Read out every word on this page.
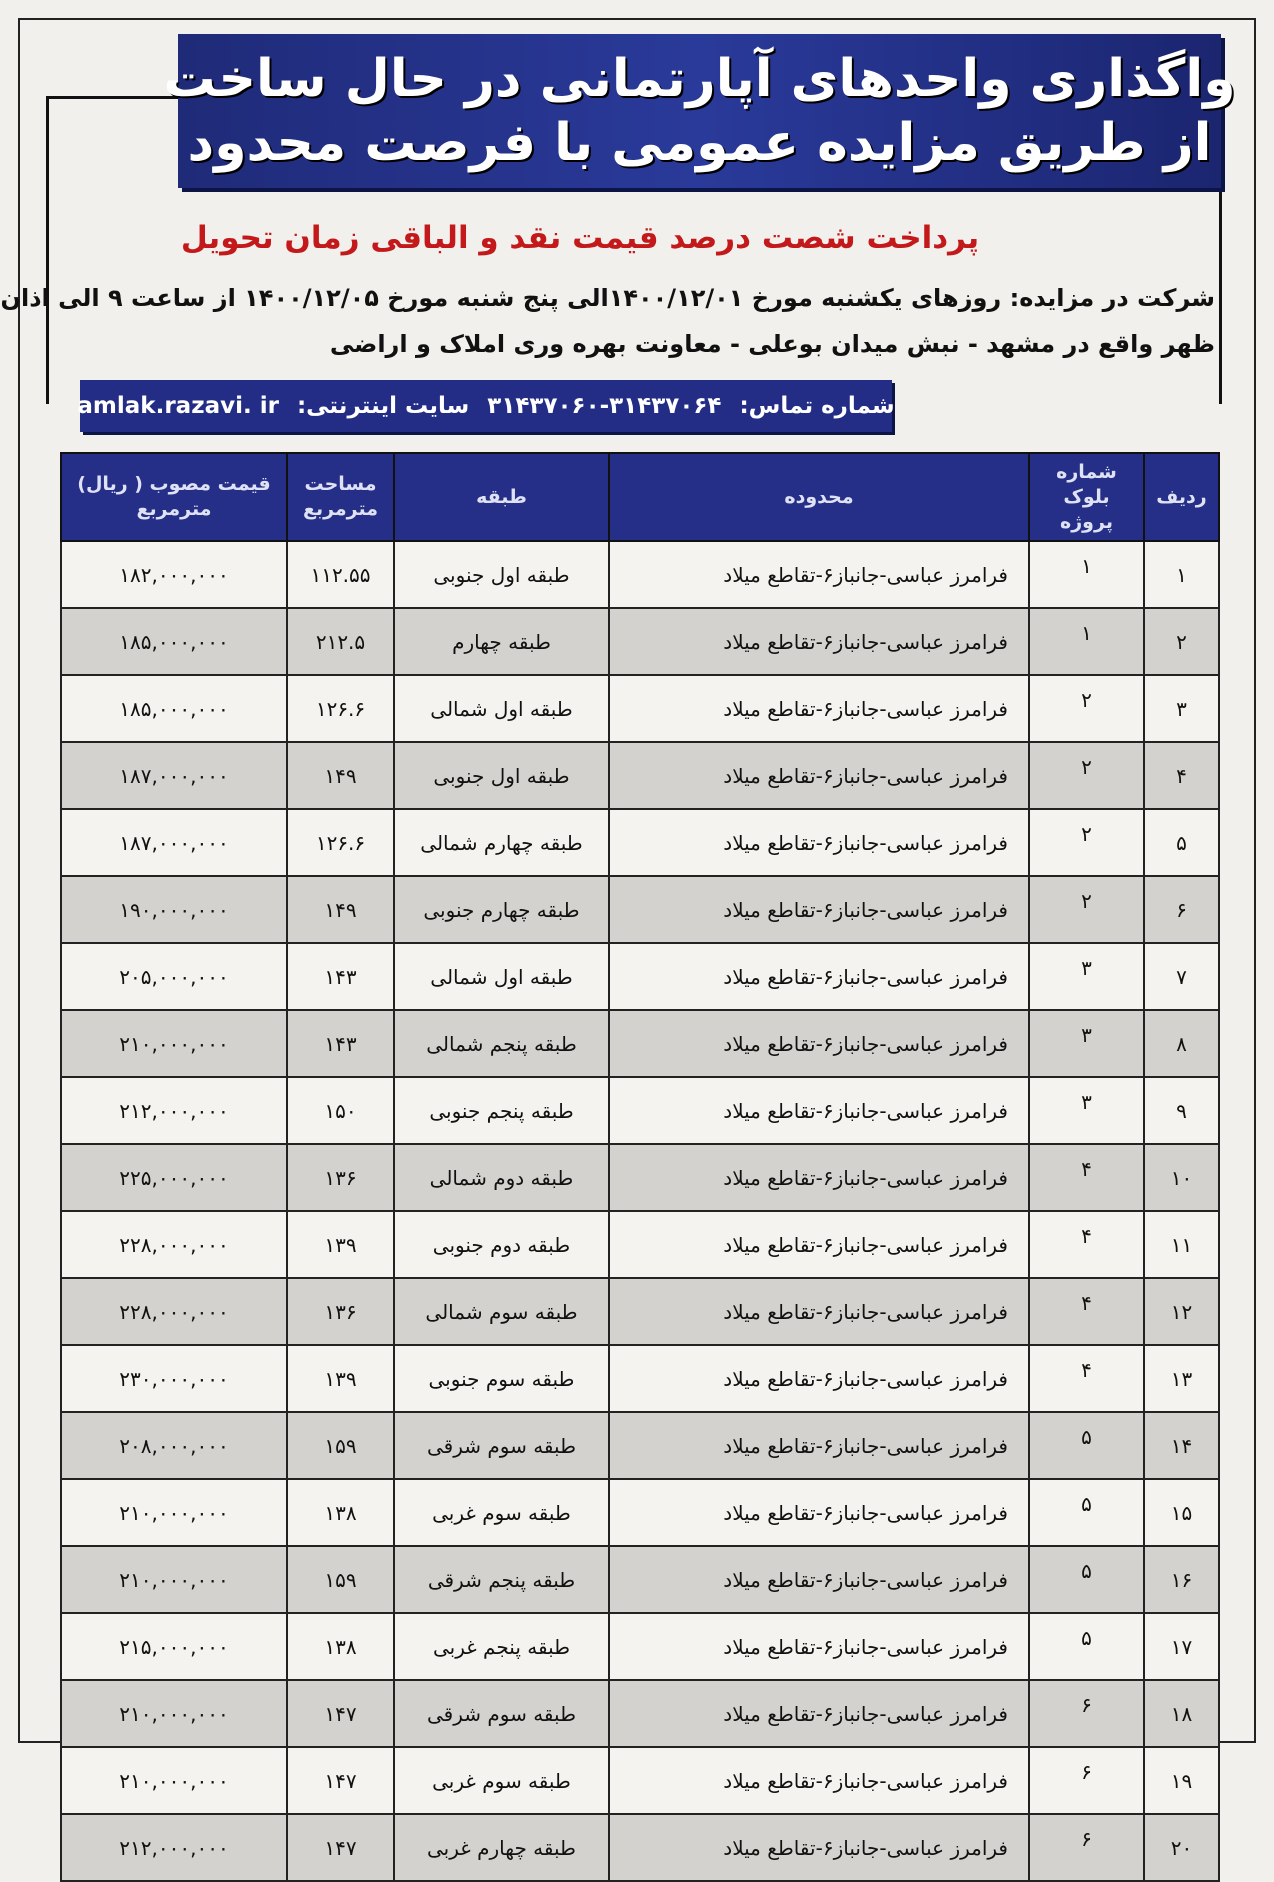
واگذاری واحدهای آپارتمانی در حال ساخت
از طریق مزایده عمومی با فرصت محدود
پرداخت شصت درصد قیمت نقد و الباقی زمان تحویل
شرکت در مزایده: روزهای یکشنبه مورخ ۱۴۰۰/۱۲/۰۱الی پنج شنبه مورخ ۱۴۰۰/۱۲/۰۵ از ساعت ۹ الی اذان
ظهر واقع در مشهد - نبش میدان بوعلی - معاونت بهره وری املاک و اراضی
شماره تماس:
۳۱۴۳۷۰۶۰-۳۱۴۳۷۰۶۴
سایت اینترنتی:
amlak.razavi. ir
ردیف	شماره بلوک پروژه	محدوده	طبقه	مساحت مترمربع	قیمت مصوب ( ریال) مترمربع
۱	۱	فرامرز عباسی-جانباز۶-تقاطع میلاد	طبقه اول جنوبی	۱۱۲.۵۵	۱۸۲,۰۰۰,۰۰۰
۲	۱	فرامرز عباسی-جانباز۶-تقاطع میلاد	طبقه چهارم	۲۱۲.۵	۱۸۵,۰۰۰,۰۰۰
۳	۲	فرامرز عباسی-جانباز۶-تقاطع میلاد	طبقه اول شمالی	۱۲۶.۶	۱۸۵,۰۰۰,۰۰۰
۴	۲	فرامرز عباسی-جانباز۶-تقاطع میلاد	طبقه اول جنوبی	۱۴۹	۱۸۷,۰۰۰,۰۰۰
۵	۲	فرامرز عباسی-جانباز۶-تقاطع میلاد	طبقه چهارم شمالی	۱۲۶.۶	۱۸۷,۰۰۰,۰۰۰
۶	۲	فرامرز عباسی-جانباز۶-تقاطع میلاد	طبقه چهارم جنوبی	۱۴۹	۱۹۰,۰۰۰,۰۰۰
۷	۳	فرامرز عباسی-جانباز۶-تقاطع میلاد	طبقه اول شمالی	۱۴۳	۲۰۵,۰۰۰,۰۰۰
۸	۳	فرامرز عباسی-جانباز۶-تقاطع میلاد	طبقه پنجم شمالی	۱۴۳	۲۱۰,۰۰۰,۰۰۰
۹	۳	فرامرز عباسی-جانباز۶-تقاطع میلاد	طبقه پنجم جنوبی	۱۵۰	۲۱۲,۰۰۰,۰۰۰
۱۰	۴	فرامرز عباسی-جانباز۶-تقاطع میلاد	طبقه دوم شمالی	۱۳۶	۲۲۵,۰۰۰,۰۰۰
۱۱	۴	فرامرز عباسی-جانباز۶-تقاطع میلاد	طبقه دوم جنوبی	۱۳۹	۲۲۸,۰۰۰,۰۰۰
۱۲	۴	فرامرز عباسی-جانباز۶-تقاطع میلاد	طبقه سوم شمالی	۱۳۶	۲۲۸,۰۰۰,۰۰۰
۱۳	۴	فرامرز عباسی-جانباز۶-تقاطع میلاد	طبقه سوم جنوبی	۱۳۹	۲۳۰,۰۰۰,۰۰۰
۱۴	۵	فرامرز عباسی-جانباز۶-تقاطع میلاد	طبقه سوم شرقی	۱۵۹	۲۰۸,۰۰۰,۰۰۰
۱۵	۵	فرامرز عباسی-جانباز۶-تقاطع میلاد	طبقه سوم غربی	۱۳۸	۲۱۰,۰۰۰,۰۰۰
۱۶	۵	فرامرز عباسی-جانباز۶-تقاطع میلاد	طبقه پنجم شرقی	۱۵۹	۲۱۰,۰۰۰,۰۰۰
۱۷	۵	فرامرز عباسی-جانباز۶-تقاطع میلاد	طبقه پنجم غربی	۱۳۸	۲۱۵,۰۰۰,۰۰۰
۱۸	۶	فرامرز عباسی-جانباز۶-تقاطع میلاد	طبقه سوم شرقی	۱۴۷	۲۱۰,۰۰۰,۰۰۰
۱۹	۶	فرامرز عباسی-جانباز۶-تقاطع میلاد	طبقه سوم غربی	۱۴۷	۲۱۰,۰۰۰,۰۰۰
۲۰	۶	فرامرز عباسی-جانباز۶-تقاطع میلاد	طبقه چهارم غربی	۱۴۷	۲۱۲,۰۰۰,۰۰۰
